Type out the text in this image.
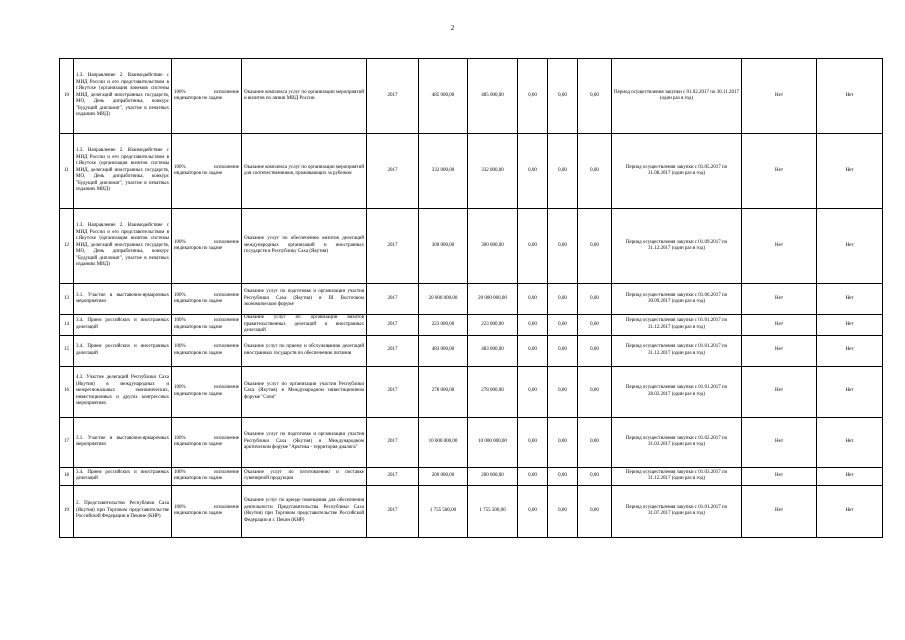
2
10	1.3. Направление 2. Взаимодействие с МИД России и его представительством в г.Якутске (организация вэиемов системы МИД, делегаций иностранных государств, МО, День дипработника, конкурс "Будущий дипломат", участие в печатных изданиях МИД)	100% исполнение индикаторов по задаче	Оказание комплекса услуг по организации мероприятий и визитов по линии МИД России	2017	485 000,00	485 000,00	0,00	0,00	0,00	Период осуществления закупки с 01.02.2017 по 30.11.2017 (один раз в год)	Нет	Нет
11	1.3. Направление 2. Взаимодействие с МИД России и его представительством в г.Якутске (организация визитов системы МИД, делегаций иностранных государств, МО, День дипработника, конкурс "Будущий дипломат", участие в печатных изданиях МИД)	100% исполнение индикаторов по задаче	Оказание комплекса услуг по организации мероприятий для соотечественников, проживающих за рубежом	2017	332 000,00	332 000,00	0,00	0,00	0,00	Период осуществления закупки с 01.05.2017 по 31.08.2017 (один раз в год)	Нет	Нет
12	1.3. Направление 2. Взаимодействие с МИД России и его представительством в г.Якутске (организация визитов системы МИД, делегаций иностранных государств, МО, День дипработника, конкурс "Будущий дипломат", участие в печатных изданиях МИД)	100% исполнение индикаторов по задаче	Оказание услуг по обеспечению визитов делегаций международных организаций и иностранных государств в Республику Саха (Якутия)	2017	300 000,00	300 000,00	0,00	0,00	0,00	Период осуществления закупки с 01.09.2017 по 31.12.2017 (один раз в год)	Нет	Нет
13	3.1. Участие в выставочно-ярмарочных мероприятиях	100% исполнение индикаторов по задаче	Оказание услуг по подготовке и организации участия Республики Саха (Якутия) в III Восточном экономическом форуме	2017	20 000 000,00	20 000 000,00	0,00	0,00	0,00	Период осуществления закупки с 01.06.2017 по 30.09.2017 (один раз в год)	Нет	Нет
14	3.4. Прием российских и иностранных делегаций	100% исполнение индикаторов по задаче	Оказание услуг по организации визитов правительственных делегаций и иностранных делегаций	2017	223 000,00	223 000,00	0,00	0,00	0,00	Период осуществления закупки с 01.01.2017 по 31.12.2017 (один раз в год)	Нет	Нет
15	3.4. Прием российских и иностранных делегаций	100% исполнение индикаторов по задаче	Оказание услуг по приему и обслуживанию делегаций иностранных государств по обеспечению питания	2017	483 000,00	483 000,00	0,00	0,00	0,00	Период осуществления закупки с 01.01.2017 по 31.12.2017 (один раз в год)	Нет	Нет
16	4.3. Участие делегаций Республики Саха (Якутия) в международных и межрегиональных экономических, инвестиционных и других конгрессных мероприятиях	100% исполнение индикаторов по задаче	Оказание услуг по организации участия Республики Саха (Якутия) в Международном инвестиционном форуме "Сочи"	2017	278 000,00	278 000,00	0,00	0,00	0,00	Период осуществления закупки с 01.01.2017 по 28.02.2017 (один раз в год)	Нет	Нет
17	3.1. Участие в выставочно-ярмарочных мероприятиях	100% исполнение индикаторов по задаче	Оказание услуг по подготовке и организации участия Республики Саха (Якутия) в Международном арктическом форуме "Арктика - территория диалога"	2017	10 000 000,00	10 000 000,00	0,00	0,00	0,00	Период осуществления закупки с 01.02.2017 по 31.03.2017 (один раз в год)	Нет	Нет
18	3.4. Прием российских и иностранных делегаций	100% исполнение индикаторов по задаче	Оказание услуг по изготовлению и поставке сувенирной продукции	2017	200 000,00	200 000,00	0,00	0,00	0,00	Период осуществления закупки с 01.03.2017 по 31.12.2017 (один раз в год)	Нет	Нет
19	2. Представительство Республики Саха (Якутия) при Торговом представительстве Российской Федерации в Пекине (КНР)	100% исполнение индикаторов по задаче	Оказание услуг по аренде помещения для обеспечения деятельности Представительства Республики Саха (Якутия) при Торговом представительстве Российской Федерации в г. Пекин (КНР)	2017	1 755 500,00	1 755 500,00	0,00	0,00	0,00	Период осуществления закупки с 01.01.2017 по 31.07.2017 (один раз в год)	Нет	Нет
